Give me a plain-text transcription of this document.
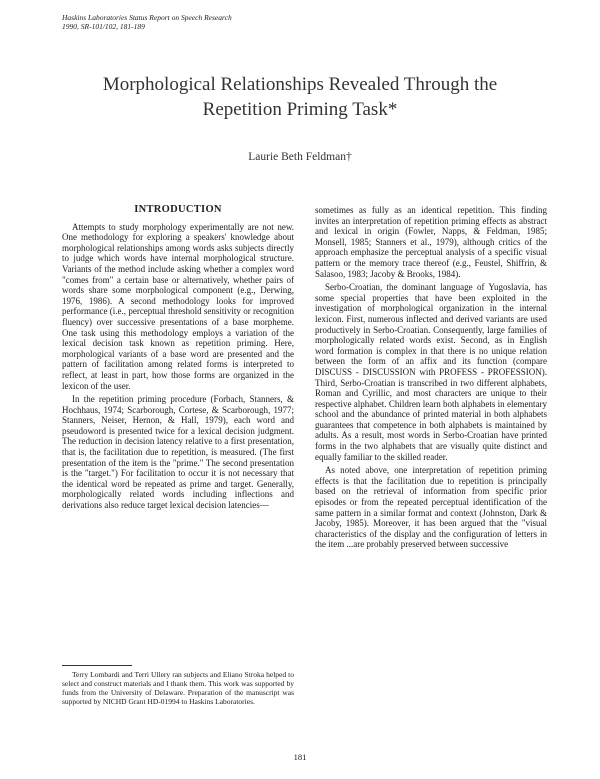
Haskins Laboratories Status Report on Speech Research
1990, SR-101/102, 181-189
Morphological Relationships Revealed Through the
Repetition Priming Task*
Laurie Beth Feldman†
INTRODUCTION

Attempts to study morphology experimentally are not new. One methodology for exploring a speakers' knowledge about morphological relationships among words asks subjects directly to judge which words have internal morphological structure. Variants of the method include asking whether a complex word "comes from" a certain base or alternatively, whether pairs of words share some morphological component (e.g., Derwing, 1976, 1986). A second methodology looks for improved performance (i.e., perceptual threshold sensitivity or recognition fluency) over successive presentations of a base morpheme. One task using this methodology employs a variation of the lexical decision task known as repetition priming. Here, morphological variants of a base word are presented and the pattern of facilitation among related forms is interpreted to reflect, at least in part, how those forms are organized in the lexicon of the user.

In the repetition priming procedure (Forbach, Stanners, & Hochhaus, 1974; Scarborough, Cortese, & Scarborough, 1977; Stanners, Neiser, Hernon, & Hall, 1979), each word and pseudoword is presented twice for a lexical decision judgment. The reduction in decision latency relative to a first presentation, that is, the facilitation due to repetition, is measured. (The first presentation of the item is the "prime." The second presentation is the "target.") For facilitation to occur it is not necessary that the identical word be repeated as prime and target. Generally, morphologically related words including inflections and derivations also reduce target lexical decision latencies—

sometimes as fully as an identical repetition. This finding invites an interpretation of repetition priming effects as abstract and lexical in origin (Fowler, Napps, & Feldman, 1985; Monsell, 1985; Stanners et al., 1979), although critics of the approach emphasize the perceptual analysis of a specific visual pattern or the memory trace thereof (e.g., Feustel, Shiffrin, & Salasoo, 1983; Jacoby & Brooks, 1984).

Serbo-Croatian, the dominant language of Yugoslavia, has some special properties that have been exploited in the investigation of morphological organization in the internal lexicon. First, numerous inflected and derived variants are used productively in Serbo-Croatian. Consequently, large families of morphologically related words exist. Second, as in English word formation is complex in that there is no unique relation between the form of an affix and its function (compare DISCUSS - DISCUSSION with PROFESS - PROFESSION). Third, Serbo-Croatian is transcribed in two different alphabets, Roman and Cyrillic, and most characters are unique to their respective alphabet. Children learn both alphabets in elementary school and the abundance of printed material in both alphabets guarantees that competence in both alphabets is maintained by adults. As a result, most words in Serbo-Croatian have printed forms in the two alphabets that are visually quite distinct and equally familiar to the skilled reader.

As noted above, one interpretation of repetition priming effects is that the facilitation due to repetition is principally based on the retrieval of information from specific prior episodes or from the repeated perceptual identification of the same pattern in a similar format and context (Johnston, Dark & Jacoby, 1985). Moreover, it has been argued that the "visual characteristics of the display and the configuration of letters in the item ...are probably preserved between successive

Terry Lombardi and Terri Ullery ran subjects and Eliano Stroka helped to select and construct materials and I thank them. This work was supported by funds from the University of Delaware. Preparation of the manuscript was supported by NICHD Grant HD-01994 to Haskins Laboratories.

181
